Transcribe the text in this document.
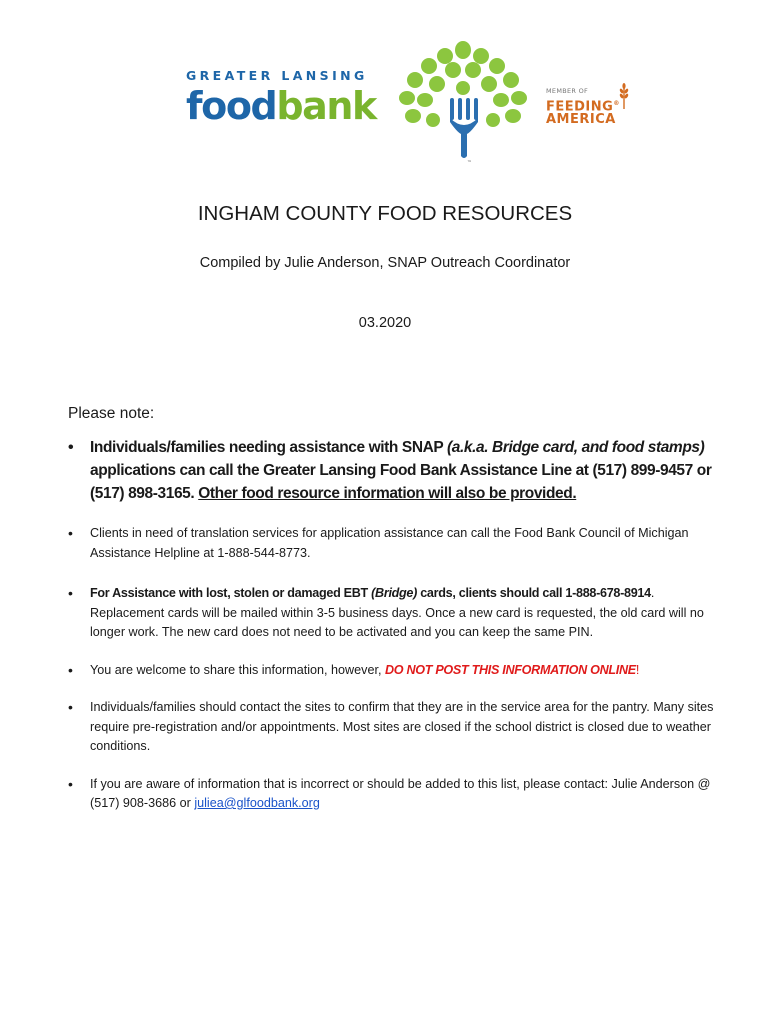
GREATER LANSING
foodbank
™
MEMBER OF
FEEDING®
AMERICA
INGHAM COUNTY FOOD RESOURCES
Compiled by Julie Anderson, SNAP Outreach Coordinator
03.2020
Please note:
• Individuals/families needing assistance with SNAP (a.k.a. Bridge card, and food stamps) applications can call the Greater Lansing Food Bank Assistance Line at (517) 899-9457 or (517) 898-3165. Other food resource information will also be provided.
• Clients in need of translation services for application assistance can call the Food Bank Council of Michigan Assistance Helpline at 1-888-544-8773.
• For Assistance with lost, stolen or damaged EBT (Bridge) cards, clients should call 1-888-678-8914. Replacement cards will be mailed within 3-5 business days. Once a new card is requested, the old card will no longer work. The new card does not need to be activated and you can keep the same PIN.
• You are welcome to share this information, however, DO NOT POST THIS INFORMATION ONLINE!
• Individuals/families should contact the sites to confirm that they are in the service area for the pantry. Many sites require pre-registration and/or appointments. Most sites are closed if the school district is closed due to weather conditions.
• If you are aware of information that is incorrect or should be added to this list, please contact: Julie Anderson @ (517) 908-3686 or juliea@glfoodbank.org
